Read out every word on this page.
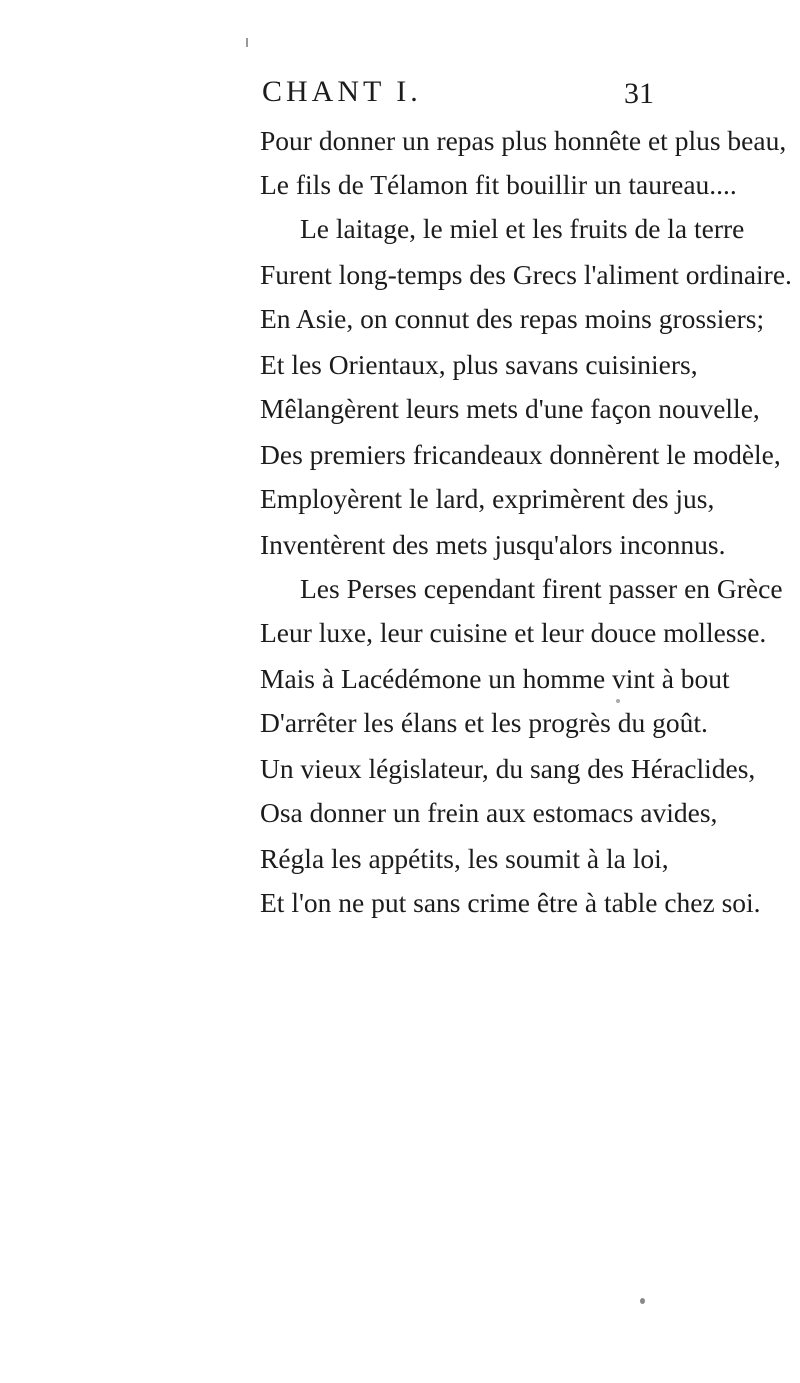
CHANT I.	31
Pour donner un repas plus honnête et plus beau,
Le fils de Télamon fit bouillir un taureau....
Le laitage, le miel et les fruits de la terre
Furent long-temps des Grecs l'aliment ordinaire.
En Asie, on connut des repas moins grossiers;
Et les Orientaux, plus savans cuisiniers,
Mêlangèrent leurs mets d'une façon nouvelle,
Des premiers fricandeaux donnèrent le modèle,
Employèrent le lard, exprimèrent des jus,
Inventèrent des mets jusqu'alors inconnus.
Les Perses cependant firent passer en Grèce
Leur luxe, leur cuisine et leur douce mollesse.
Mais à Lacédémone un homme vint à bout
D'arrêter les élans et les progrès du goût.
Un vieux législateur, du sang des Héraclides,
Osa donner un frein aux estomacs avides,
Régla les appétits, les soumit à la loi,
Et l'on ne put sans crime être à table chez soi.
